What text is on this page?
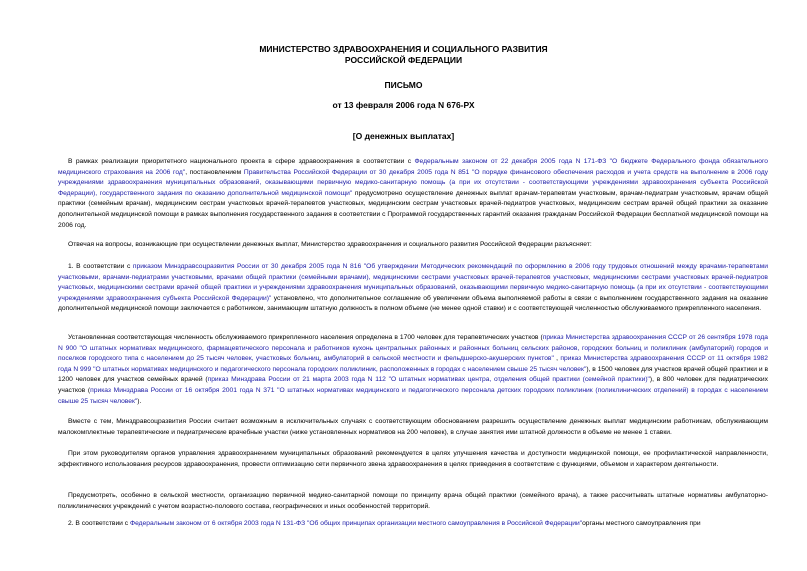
МИНИСТЕРСТВО ЗДРАВООХРАНЕНИЯ И СОЦИАЛЬНОГО РАЗВИТИЯ
РОССИЙСКОЙ ФЕДЕРАЦИИ
ПИСЬМО
от 13 февраля 2006 года N 676-РХ
[О денежных выплатах]
В рамках реализации приоритетного национального проекта в сфере здравоохранения в соответствии с Федеральным законом от 22 декабря 2005 года N 171-ФЗ "О бюджете Федерального фонда обязательного медицинского страхования на 2006 год", постановлением Правительства Российской Федерации от 30 декабря 2005 года N 851 "О порядке финансового обеспечения расходов и учета средств на выполнение в 2006 году учреждениями здравоохранения муниципальных образований, оказывающими первичную медико-санитарную помощь (а при их отсутствии - соответствующими учреждениями здравоохранения субъекта Российской Федерации), государственного задания по оказанию дополнительной медицинской помощи" предусмотрено осуществление денежных выплат врачам-терапевтам участковым, врачам-педиатрам участковым, врачам общей практики (семейным врачам), медицинским сестрам участковых врачей-терапевтов участковых, медицинским сестрам участковых врачей-педиатров участковых, медицинским сестрам врачей общей практики за оказание дополнительной медицинской помощи в рамках выполнения государственного задания в соответствии с Программой государственных гарантий оказания гражданам Российской Федерации бесплатной медицинской помощи на 2006 год.
Отвечая на вопросы, возникающие при осуществлении денежных выплат, Министерство здравоохранения и социального развития Российской Федерации разъясняет:
1. В соответствии с приказом Минздравсоцразвития России от 30 декабря 2005 года N 816 "Об утверждении Методических рекомендаций по оформлению в 2006 году трудовых отношений между врачами-терапевтами участковыми, врачами-педиатрами участковыми, врачами общей практики (семейными врачами), медицинскими сестрами участковых врачей-терапевтов участковых, медицинскими сестрами участковых врачей-педиатров участковых, медицинскими сестрами врачей общей практики и учреждениями здравоохранения муниципальных образований, оказывающими первичную медико-санитарную помощь (а при их отсутствии - соответствующими учреждениями здравоохранения субъекта Российской Федерации)" установлено, что дополнительное соглашение об увеличении объема выполняемой работы в связи с выполнением государственного задания на оказание дополнительной медицинской помощи заключается с работником, занимающим штатную должность в полном объеме (не менее одной ставки) и с соответствующей численностью обслуживаемого прикрепленного населения.
Установленная соответствующая численность обслуживаемого прикрепленного населения определена в 1700 человек для терапевтических участков (приказ Министерства здравоохранения СССР от 26 сентября 1978 года N 900 "О штатных нормативах медицинского, фармацевтического персонала и работников кухонь центральных районных и районных больниц сельских районов, городских больниц и поликлиник (амбулаторий) городов и поселков городского типа с населением до 25 тысяч человек, участковых больниц, амбулаторий в сельской местности и фельдшерско-акушерских пунктов" , приказ Министерства здравоохранения СССР от 11 октября 1982 года N 999 "О штатных нормативах медицинского и педагогического персонала городских поликлиник, расположенных в городах с населением свыше 25 тысяч человек"), в 1500 человек для участков врачей общей практики и в 1200 человек для участков семейных врачей (приказ Минздрава России от 21 марта 2003 года N 112 "О штатных нормативах центра, отделения общей практики (семейной практики)"), в 800 человек для педиатрических участков (приказ Минздрава России от 16 октября 2001 года N 371 "О штатных нормативах медицинского и педагогического персонала детских городских поликлиник (поликлинических отделений) в городах с населением свыше 25 тысяч человек").
Вместе с тем, Минздравсоцразвития России считает возможным в исключительных случаях с соответствующим обоснованием разрешить осуществление денежных выплат медицинским работникам, обслуживающим малокомплектные терапевтические и педиатрические врачебные участки (ниже установленных нормативов на 200 человек), в случае занятия ими штатной должности в объеме не менее 1 ставки.
При этом руководителям органов управления здравоохранением муниципальных образований рекомендуется в целях улучшения качества и доступности медицинской помощи, ее профилактической направленности, эффективного использования ресурсов здравоохранения, провести оптимизацию сети первичного звена здравоохранения в целях приведения в соответствие с функциями, объемом и характером деятельности.
Предусмотреть, особенно в сельской местности, организацию первичной медико-санитарной помощи по принципу врача общей практики (семейного врача), а также рассчитывать штатные нормативы амбулаторно-поликлинических учреждений с учетом возрастно-полового состава, географических и иных особенностей территорий.
2. В соответствии с Федеральным законом от 6 октября 2003 года N 131-ФЗ "Об общих принципах организации местного самоуправления в Российской Федерации"органы местного самоуправления при
